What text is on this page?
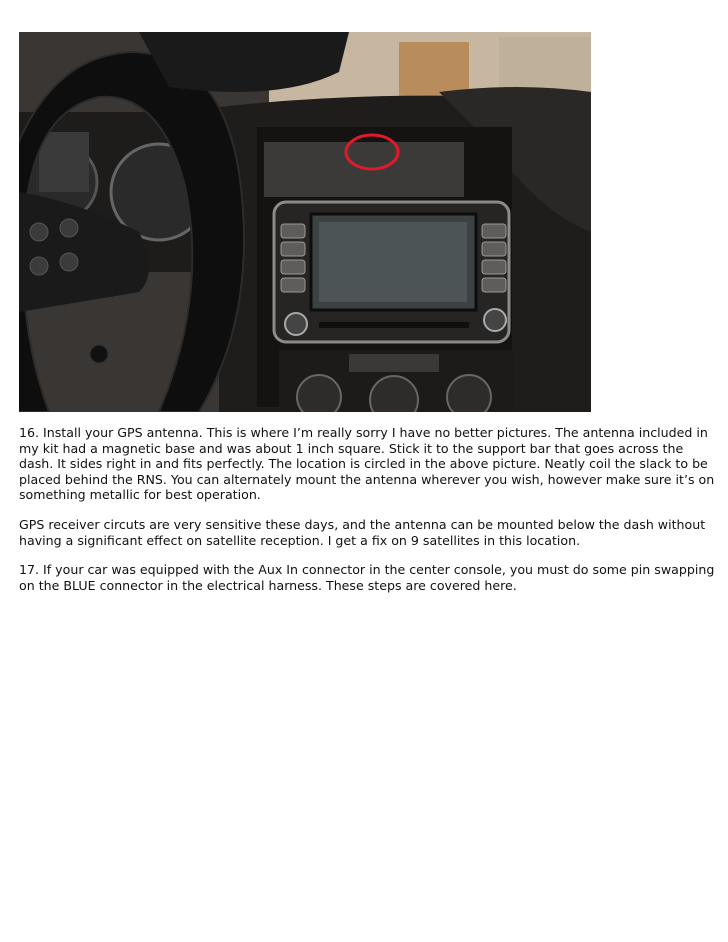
16. Install your GPS antenna. This is where I’m really sorry I have no better pictures. The antenna included in my kit had a magnetic base and was about 1 inch square. Stick it to the support bar that goes across the dash. It sides right in and fits perfectly. The location is circled in the above picture. Neatly coil the slack to be placed behind the RNS. You can alternately mount the antenna wherever you wish, however make sure it’s on something metallic for best operation.

GPS receiver circuts are very sensitive these days, and the antenna can be mounted below the dash without having a significant effect on satellite reception. I get a fix on 9 satellites in this location.

17. If your car was equipped with the Aux In connector in the center console, you must do some pin swapping on the BLUE connector in the electrical harness. These steps are covered here.
